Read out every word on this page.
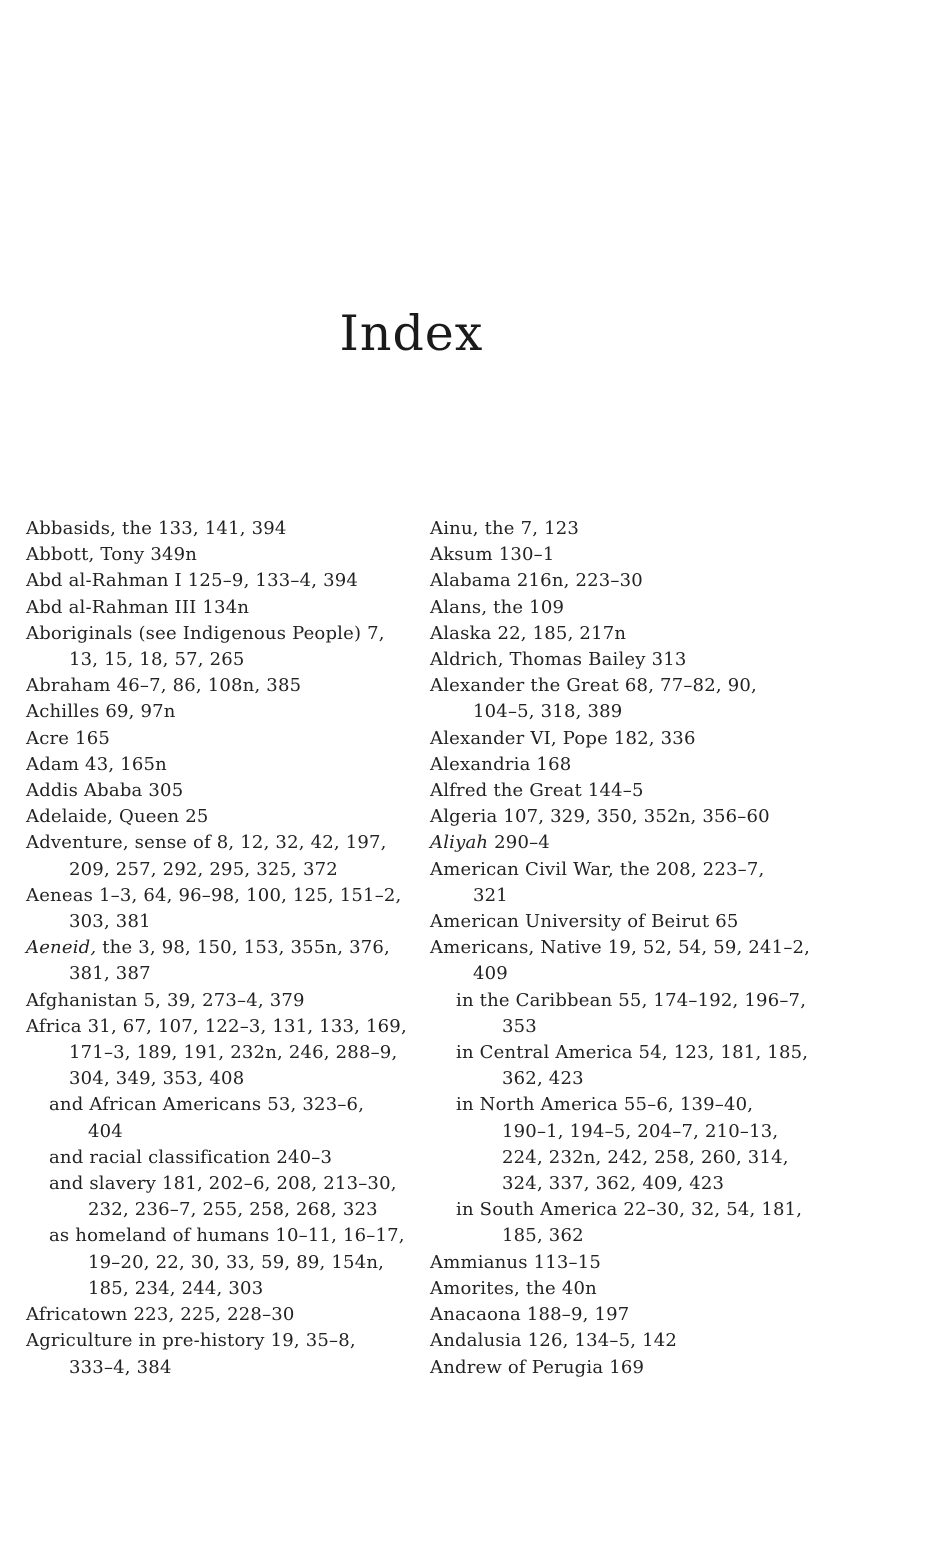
Index
Abbasids, the 133, 141, 394
Abbott, Tony 349n
Abd al-Rahman I 125–9, 133–4, 394
Abd al-Rahman III 134n
Aboriginals (see Indigenous People) 7,
13, 15, 18, 57, 265
Abraham 46–7, 86, 108n, 385
Achilles 69, 97n
Acre 165
Adam 43, 165n
Addis Ababa 305
Adelaide, Queen 25
Adventure, sense of 8, 12, 32, 42, 197,
209, 257, 292, 295, 325, 372
Aeneas 1–3, 64, 96–98, 100, 125, 151–2,
303, 381
Aeneid, the 3, 98, 150, 153, 355n, 376,
381, 387
Afghanistan 5, 39, 273–4, 379
Africa 31, 67, 107, 122–3, 131, 133, 169,
171–3, 189, 191, 232n, 246, 288–9,
304, 349, 353, 408
and African Americans 53, 323–6,
404
and racial classification 240–3
and slavery 181, 202–6, 208, 213–30,
232, 236–7, 255, 258, 268, 323
as homeland of humans 10–11, 16–17,
19–20, 22, 30, 33, 59, 89, 154n,
185, 234, 244, 303
Africatown 223, 225, 228–30
Agriculture in pre-history 19, 35–8,
333–4, 384
Ainu, the 7, 123
Aksum 130–1
Alabama 216n, 223–30
Alans, the 109
Alaska 22, 185, 217n
Aldrich, Thomas Bailey 313
Alexander the Great 68, 77–82, 90,
104–5, 318, 389
Alexander VI, Pope 182, 336
Alexandria 168
Alfred the Great 144–5
Algeria 107, 329, 350, 352n, 356–60
Aliyah 290–4
American Civil War, the 208, 223–7,
321
American University of Beirut 65
Americans, Native 19, 52, 54, 59, 241–2,
409
in the Caribbean 55, 174–192, 196–7,
353
in Central America 54, 123, 181, 185,
362, 423
in North America 55–6, 139–40,
190–1, 194–5, 204–7, 210–13,
224, 232n, 242, 258, 260, 314,
324, 337, 362, 409, 423
in South America 22–30, 32, 54, 181,
185, 362
Ammianus 113–15
Amorites, the 40n
Anacaona 188–9, 197
Andalusia 126, 134–5, 142
Andrew of Perugia 169
